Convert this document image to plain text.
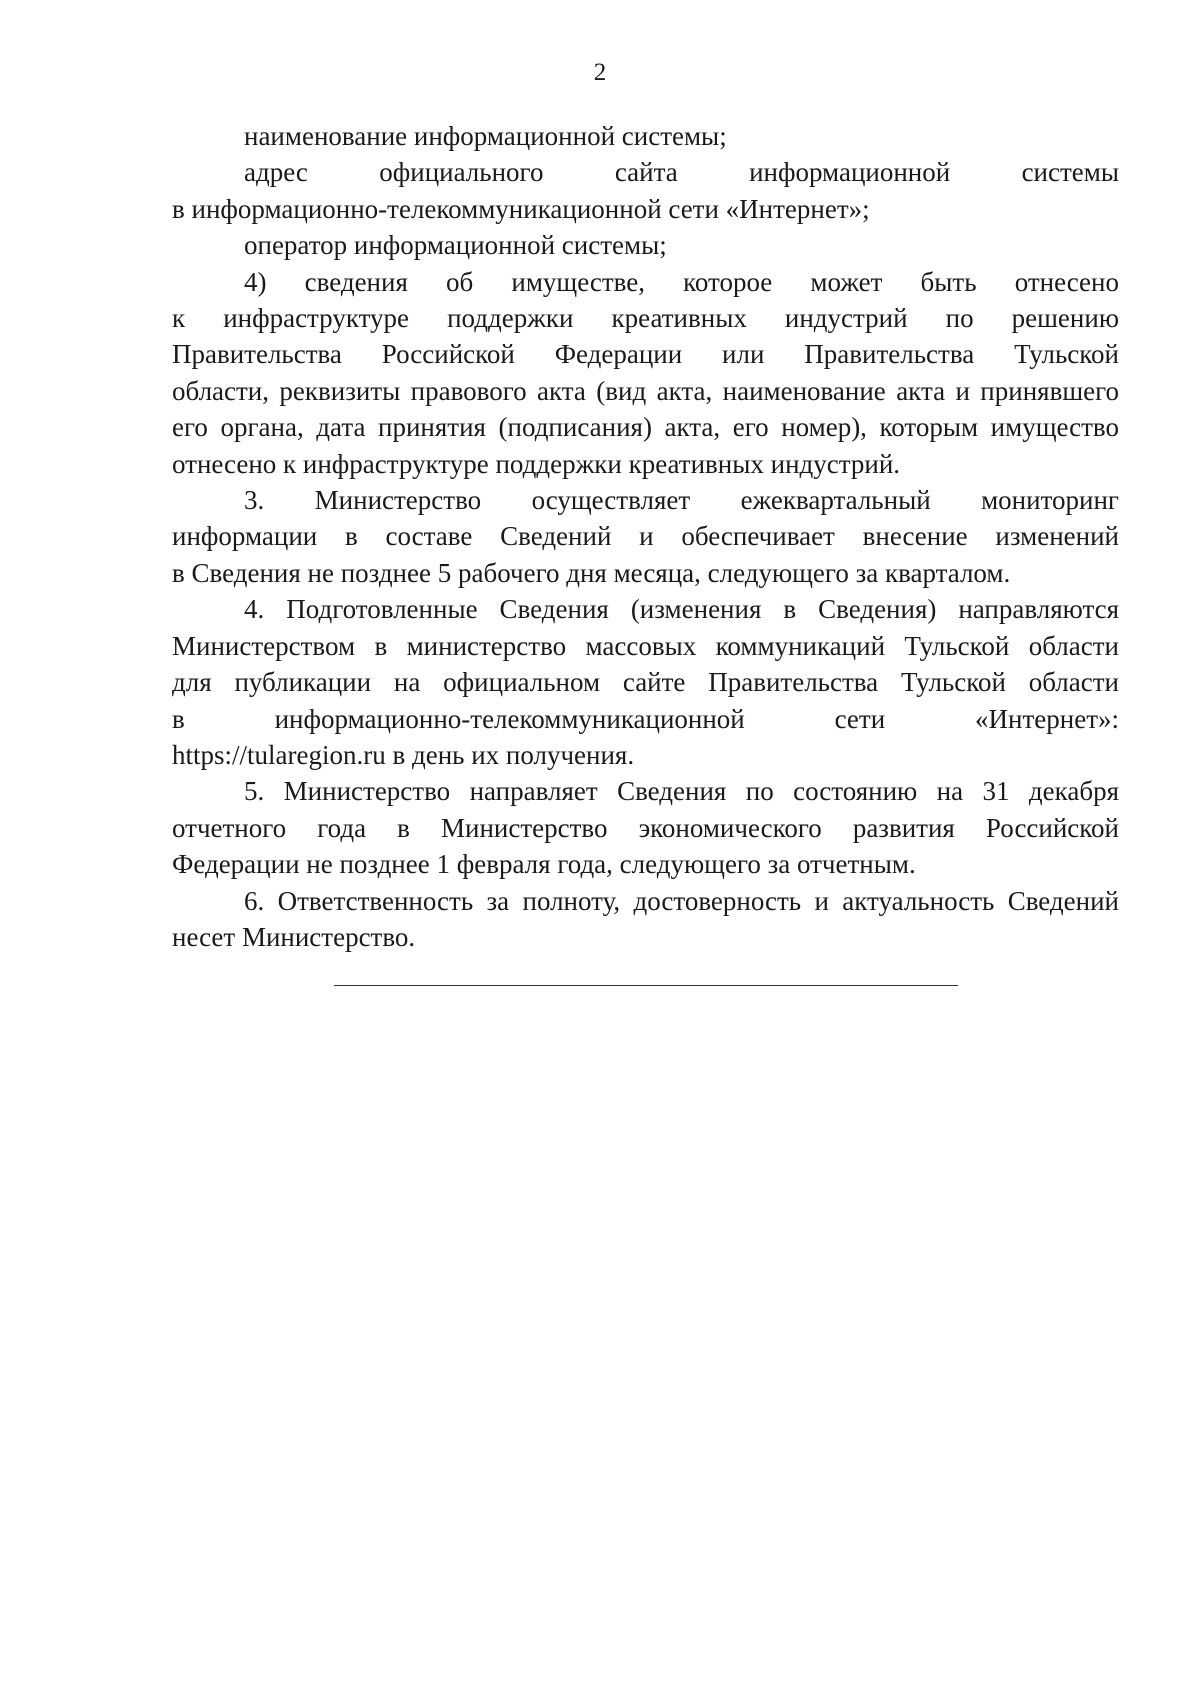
2
наименование информационной системы;
адрес официального сайта информационной системы
в информационно-телекоммуникационной сети «Интернет»;
оператор информационной системы;
4) сведения об имуществе, которое может быть отнесено
к инфраструктуре поддержки креативных индустрий по решению
Правительства Российской Федерации или Правительства Тульской
области, реквизиты правового акта (вид акта, наименование акта и принявшего
его органа, дата принятия (подписания) акта, его номер), которым имущество
отнесено к инфраструктуре поддержки креативных индустрий.
3. Министерство осуществляет ежеквартальный мониторинг
информации в составе Сведений и обеспечивает внесение изменений
в Сведения не позднее 5 рабочего дня месяца, следующего за кварталом.
4. Подготовленные Сведения (изменения в Сведения) направляются
Министерством в министерство массовых коммуникаций Тульской области
для публикации на официальном сайте Правительства Тульской области
в информационно-телекоммуникационной сети «Интернет»:
https://tularegion.ru в день их получения.
5. Министерство направляет Сведения по состоянию на 31 декабря
отчетного года в Министерство экономического развития Российской
Федерации не позднее 1 февраля года, следующего за отчетным.
6. Ответственность за полноту, достоверность и актуальность Сведений
несет Министерство.
